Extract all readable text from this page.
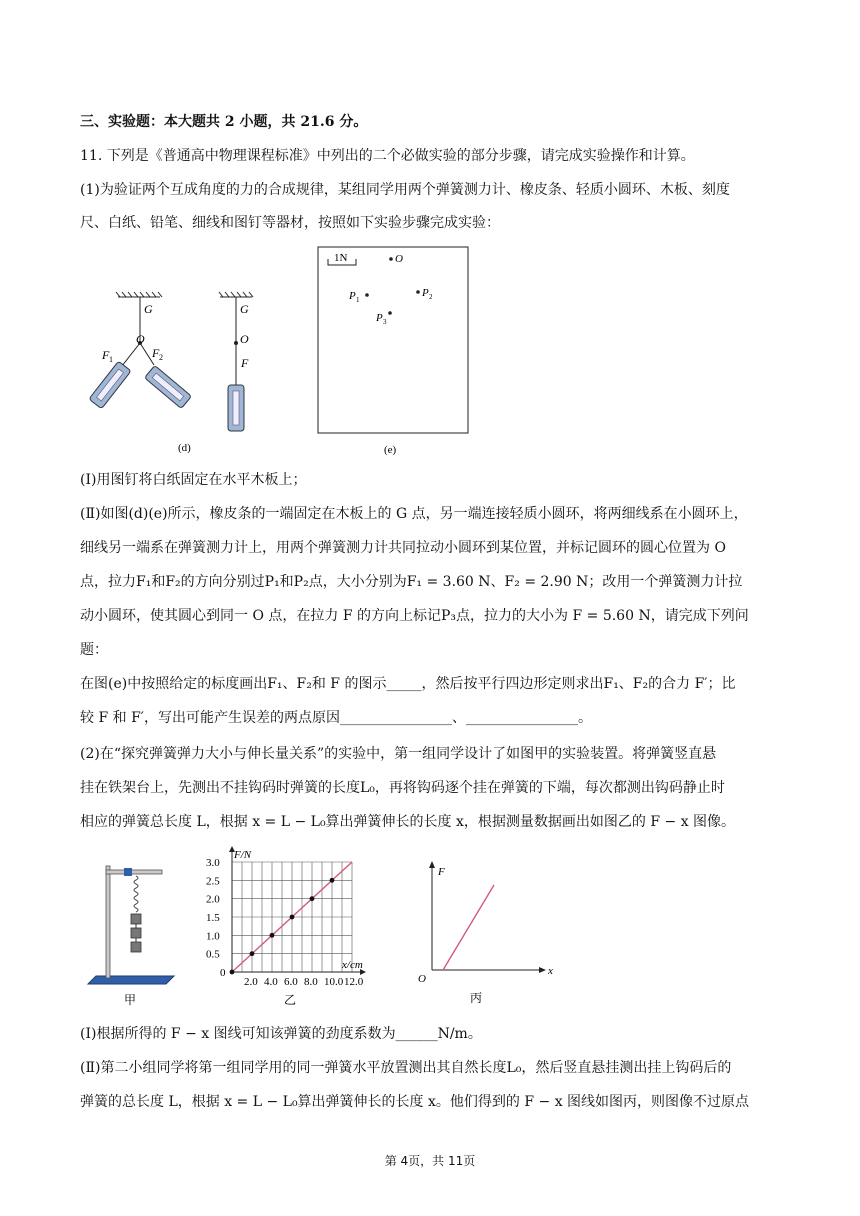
三、实验题：本大题共 2 小题，共 21.6 分。
11. 下列是《普通高中物理课程标准》中列出的二个必做实验的部分步骤，请完成实验操作和计算。
(1)为验证两个互成角度的力的合成规律，某组同学用两个弹簧测力计、橡皮条、轻质小圆环、木板、刻度
尺、白纸、铅笔、细线和图钉等器材，按照如下实验步骤完成实验：
G
O
F 1	F 2
G
O
F
(d)
1N	O
P 1
P 2
P 3
(e)
(Ⅰ)用图钉将白纸固定在水平木板上；
(Ⅱ)如图(d)(e)所示，橡皮条的一端固定在木板上的 G 点，另一端连接轻质小圆环，将两细线系在小圆环上，
细线另一端系在弹簧测力计上，用两个弹簧测力计共同拉动小圆环到某位置，并标记圆环的圆心位置为 O
点，拉力F₁和F₂的方向分别过P₁和P₂点，大小分别为F₁ = 3.60 N、F₂ = 2.90 N；改用一个弹簧测力计拉
动小圆环，使其圆心到同一 O 点，在拉力 F 的方向上标记P₃点，拉力的大小为 F = 5.60 N，请完成下列问
题：
在图(e)中按照给定的标度画出F₁、F₂和 F 的图示_____，然后按平行四边形定则求出F₁、F₂的合力 F′；比
较 F 和 F′，写出可能产生误差的两点原因________________、________________。
(2)在“探究弹簧弹力大小与伸长量关系”的实验中，第一组同学设计了如图甲的实验装置。将弹簧竖直悬
挂在铁架台上，先测出不挂钩码时弹簧的长度L₀，再将钩码逐个挂在弹簧的下端，每次都测出钩码静止时
相应的弹簧总长度 L，根据 x = L − L₀算出弹簧伸长的长度 x，根据测量数据画出如图乙的 F − x 图像。
甲
2.0 4.0 6.0 8.0 10.0 12.0
0.5
1.0
1.5
2.0
2.5
3.0
0
F/N
x/cm
乙
F
x
O
丙
(Ⅰ)根据所得的 F − x 图线可知该弹簧的劲度系数为______N/m。
(Ⅱ)第二小组同学将第一组同学用的同一弹簧水平放置测出其自然长度L₀，然后竖直悬挂测出挂上钩码后的
弹簧的总长度 L，根据 x = L − L₀算出弹簧伸长的长度 x。他们得到的 F − x 图线如图丙，则图像不过原点
第 4页，共 11页
